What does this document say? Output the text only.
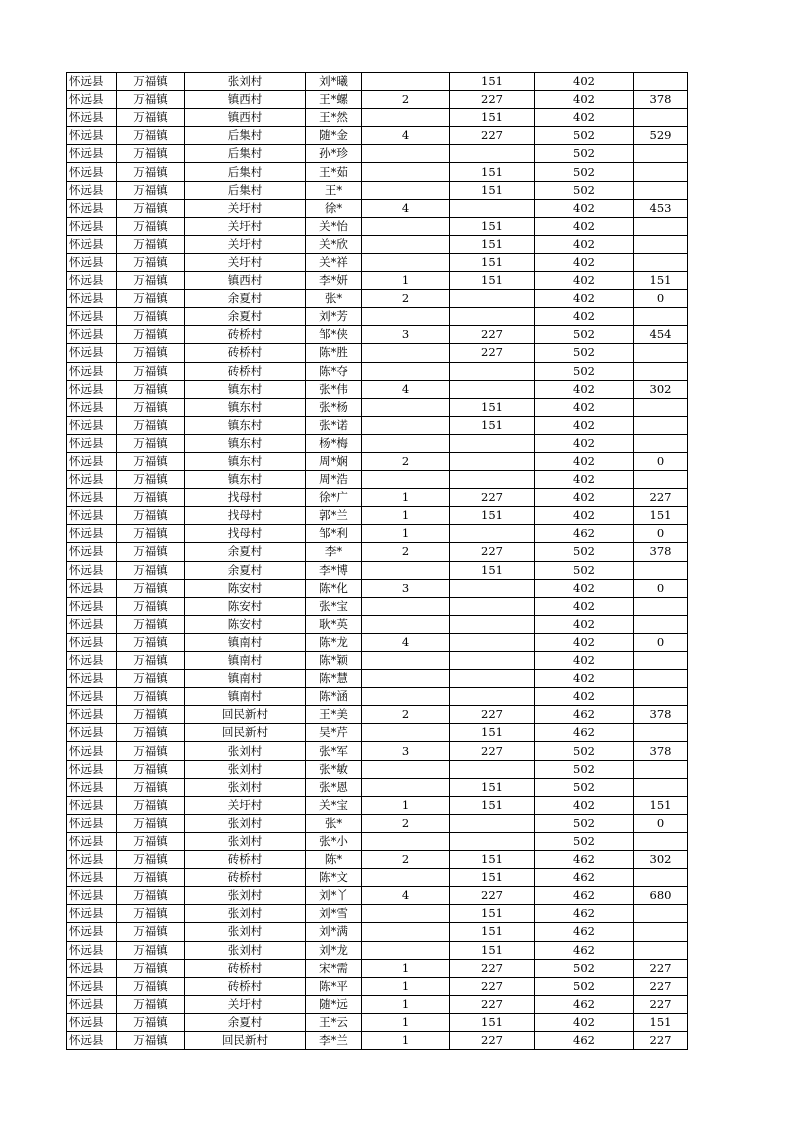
怀远县	万福镇	张刘村	刘*曦		151	402	
怀远县	万福镇	镇西村	王*螺	2	227	402	378
怀远县	万福镇	镇西村	王*然		151	402	
怀远县	万福镇	后集村	随*金	4	227	502	529
怀远县	万福镇	后集村	孙*珍			502	
怀远县	万福镇	后集村	王*茹		151	502	
怀远县	万福镇	后集村	王*		151	502	
怀远县	万福镇	关圩村	徐*	4		402	453
怀远县	万福镇	关圩村	关*怡		151	402	
怀远县	万福镇	关圩村	关*欣		151	402	
怀远县	万福镇	关圩村	关*祥		151	402	
怀远县	万福镇	镇西村	李*妍	1	151	402	151
怀远县	万福镇	余夏村	张*	2		402	0
怀远县	万福镇	余夏村	刘*芳			402	
怀远县	万福镇	砖桥村	邹*侠	3	227	502	454
怀远县	万福镇	砖桥村	陈*胜		227	502	
怀远县	万福镇	砖桥村	陈*夺			502	
怀远县	万福镇	镇东村	张*伟	4		402	302
怀远县	万福镇	镇东村	张*杨		151	402	
怀远县	万福镇	镇东村	张*诺		151	402	
怀远县	万福镇	镇东村	杨*梅			402	
怀远县	万福镇	镇东村	周*娴	2		402	0
怀远县	万福镇	镇东村	周*浩			402	
怀远县	万福镇	找母村	徐*广	1	227	402	227
怀远县	万福镇	找母村	郭*兰	1	151	402	151
怀远县	万福镇	找母村	邹*利	1		462	0
怀远县	万福镇	余夏村	李*	2	227	502	378
怀远县	万福镇	余夏村	李*博		151	502	
怀远县	万福镇	陈安村	陈*化	3		402	0
怀远县	万福镇	陈安村	张*宝			402	
怀远县	万福镇	陈安村	耿*英			402	
怀远县	万福镇	镇南村	陈*龙	4		402	0
怀远县	万福镇	镇南村	陈*颖			402	
怀远县	万福镇	镇南村	陈*慧			402	
怀远县	万福镇	镇南村	陈*涵			402	
怀远县	万福镇	回民新村	王*美	2	227	462	378
怀远县	万福镇	回民新村	吴*芹		151	462	
怀远县	万福镇	张刘村	张*军	3	227	502	378
怀远县	万福镇	张刘村	张*敏			502	
怀远县	万福镇	张刘村	张*恩		151	502	
怀远县	万福镇	关圩村	关*宝	1	151	402	151
怀远县	万福镇	张刘村	张*	2		502	0
怀远县	万福镇	张刘村	张*小			502	
怀远县	万福镇	砖桥村	陈*	2	151	462	302
怀远县	万福镇	砖桥村	陈*文		151	462	
怀远县	万福镇	张刘村	刘*丫	4	227	462	680
怀远县	万福镇	张刘村	刘*雪		151	462	
怀远县	万福镇	张刘村	刘*满		151	462	
怀远县	万福镇	张刘村	刘*龙		151	462	
怀远县	万福镇	砖桥村	宋*需	1	227	502	227
怀远县	万福镇	砖桥村	陈*平	1	227	502	227
怀远县	万福镇	关圩村	随*远	1	227	462	227
怀远县	万福镇	余夏村	王*云	1	151	402	151
怀远县	万福镇	回民新村	李*兰	1	227	462	227
